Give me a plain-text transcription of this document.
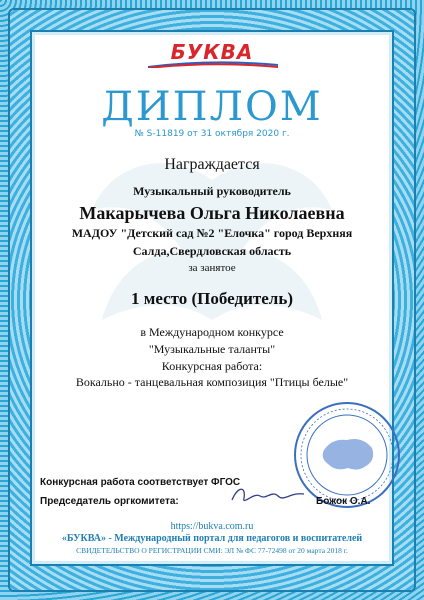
БУКВА
ДИПЛОМ
№ S-11819 от 31 октября 2020 г.
Награждается
Музыкальный руководитель
Макарычева Ольга Николаевна
МАДОУ "Детский сад №2 "Елочка" город Верхняя Салда,Свердловская область
за занятое
1 место (Победитель)
в Международном конкурсе
"Музыкальные таланты"
Конкурсная работа:
Вокально - танцевальная композиция "Птицы белые"
Конкурсная работа соответствует ФГОС
Председатель оргкомитета:	Божок О.А.
https://bukva.com.ru
«БУКВА» - Международный портал для педагогов и воспитателей
СВИДЕТЕЛЬСТВО О РЕГИСТРАЦИИ СМИ: ЭЛ № ФС 77-72498 от 20 марта 2018 г.
